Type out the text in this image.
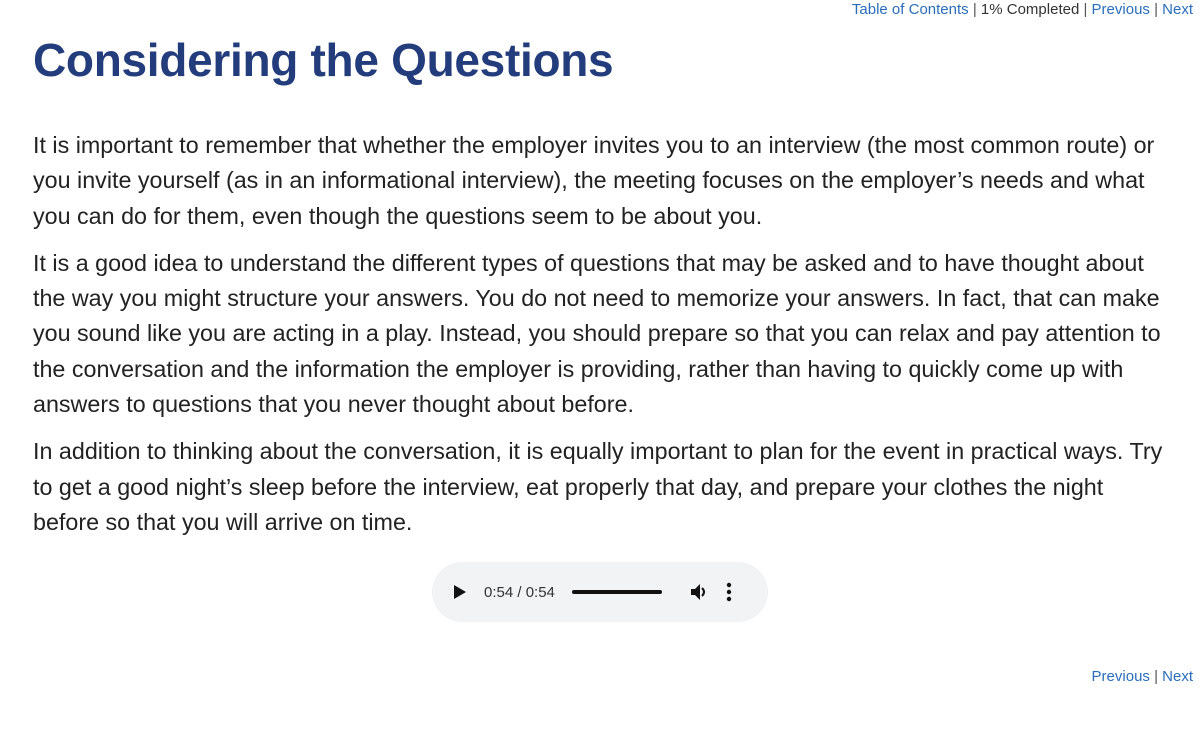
Table of Contents | 1% Completed | Previous | Next
Considering the Questions

It is important to remember that whether the employer invites you to an interview (the most common route) or you invite yourself (as in an informational interview), the meeting focuses on the employer’s needs and what you can do for them, even though the questions seem to be about you.

It is a good idea to understand the different types of questions that may be asked and to have thought about the way you might structure your answers. You do not need to memorize your answers. In fact, that can make you sound like you are acting in a play. Instead, you should prepare so that you can relax and pay attention to the conversation and the information the employer is providing, rather than having to quickly come up with answers to questions that you never thought about before.

In addition to thinking about the conversation, it is equally important to plan for the event in practical ways. Try to get a good night’s sleep before the interview, eat properly that day, and prepare your clothes the night before so that you will arrive on time.

0:54 / 0:54
Previous | Next
